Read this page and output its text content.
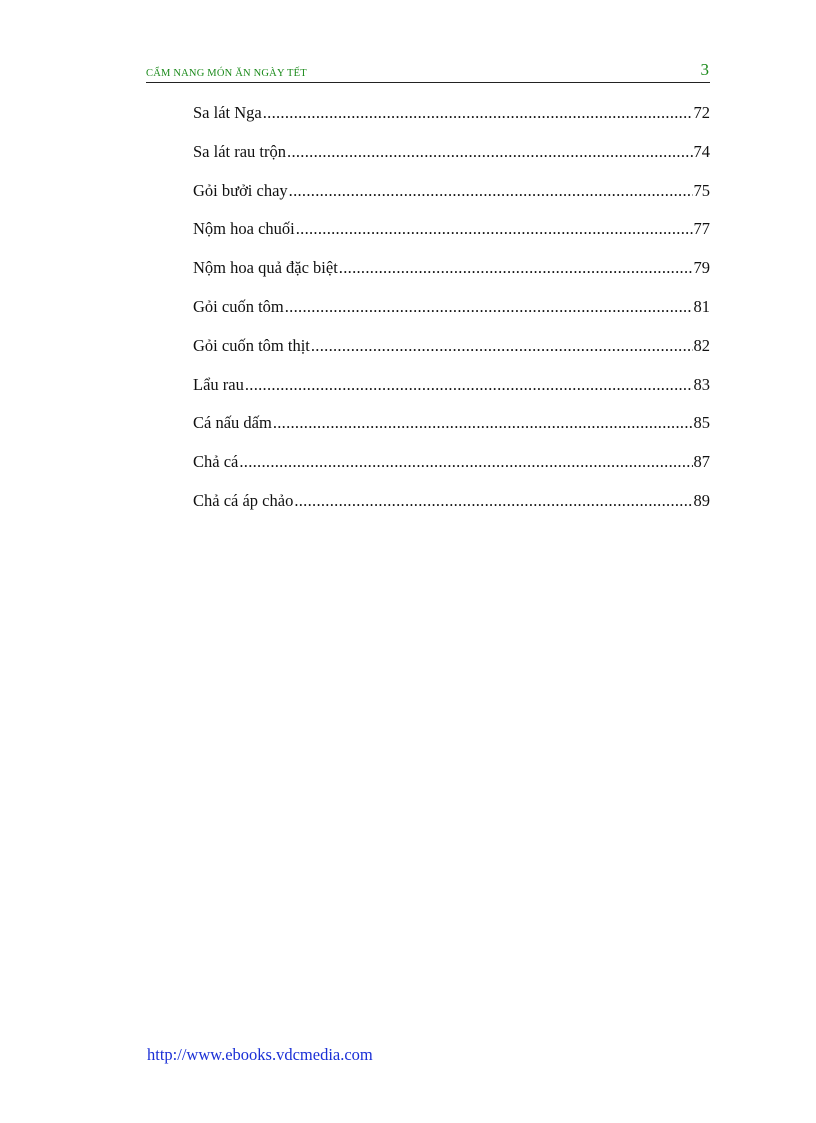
CẨM NANG MÓN ĂN NGÀY TẾT	3
Sa lát Nga .....	72
Sa lát rau trộn .....	74
Gỏi bưởi chay .....	75
Nộm hoa chuối .....	77
Nộm hoa quả đặc biệt .....	79
Gỏi cuốn tôm .....	81
Gỏi cuốn tôm thịt .....	82
Lẩu rau .....	83
Cá nấu dấm .....	85
Chả cá .....	87
Chả cá áp chảo .....	89
http://www.ebooks.vdcmedia.com
